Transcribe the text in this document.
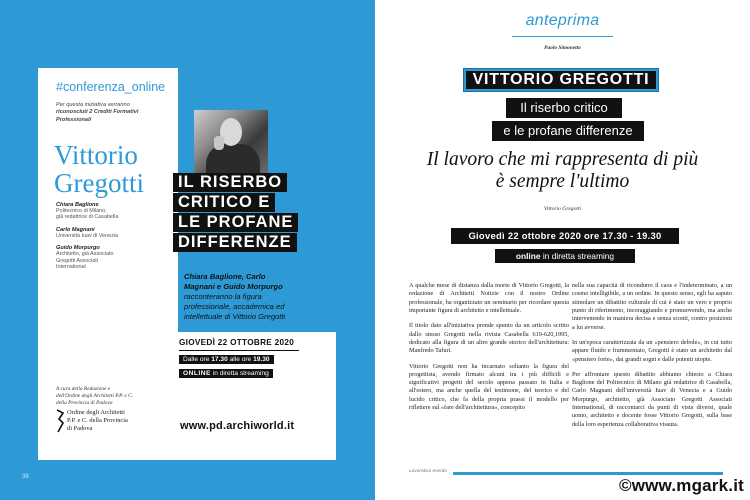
#conferenza_online
Per questa iniziativa verranno
riconosciuti 2 Crediti Formativi
Professionali
Vittorio
Gregotti
Chiara Baglione
Politecnico di Milano,
già redattrice di Casabella
Carlo Magnani
Università Iuav di Venezia
Guido Morpurgo
Architetto, già Associato
Gregotti Associati
International
IL RISERBO
CRITICO E
LE PROFANE
DIFFERENZE
Chiara Baglione, Carlo
Magnani e Guido Morpurgo
racconteranno la figura
professionale, accademica ed
intellettuale di Vittorio Gregotti
GIOVEDÌ 22 OTTOBRE 2020
Dalle ore 17.30 alle ore 19.30
ONLINE in diretta streaming
A cura della Redazione e
dell'Ordine degli Architetti P.P. e C.
della Provincia di Padova
Ordine degli Architetti
P.P. e C. della Provincia
di Padova	www.pd.archiworld.it
38
anteprima
Paolo Simonetto
VITTORIO GREGOTTI
Il riserbo critico
e le profane differenze
Il lavoro che mi rappresenta di più
è sempre l'ultimo
Vittorio Gregotti
Giovedì 22 ottobre 2020 ore 17.30 - 19.30
online in diretta streaming

A qualche mese di distanza dalla morte di Vittorio Gregotti, la redazione di Architetti Notizie con il nostro Ordine professionale, ha organizzato un seminario per ricordare questa importante figura di architetto e intellettuale.

Il titolo dato all'iniziativa prende spunto da un articolo scritto dallo stesso Gregotti nella rivista Casabella 619-620,1995, dedicato alla figura di un altro grande storico dell'architettura: Manfredo Tafuri.

Vittorio Gregotti non ha incarnato soltanto la figura del progettista, avendo firmato alcuni tra i più difficili e significativi progetti del secolo appena passato in Italia e all'estero, ma anche quella del testimone, del teorico e del lucido critico, che fa della propria prassi il modello per riflettere sul «fare dell'architettura», concepito

nella sua capacità di ricondurre il caos e l'indeterminato, a un cosmo intelligibile, a un ordine. In questo senso, egli ha saputo stimolare un dibattito culturale di cui è stato un vero e proprio punto di riferimento, incoraggiando e promuovendo, ma anche intervenendo in maniera decisa e senza sconti, contro posizioni a lui avverse.

In un'epoca caratterizzata da un «pensiero debole», in cui tutto appare fluido e frammentato, Gregotti è stato un architetto dal «pensiero forte», dai grandi sogni e dalle potenti utopie.

Per affrontare questo dibattito abbiamo chiesto a Chiara Baglione del Politecnico di Milano già redattrice di Casabella, Carlo Magnani dell'università Iuav di Venezia e a Guido Morpurgo, architetto, già Associato Gregotti Associati International, di raccontarci da punti di vista diversi, quale uomo, architetto e docente fosse Vittorio Gregotti, sulla base della loro esperienza collaborativa vissuta.

Lavoratica evento
©www.mgark.it
